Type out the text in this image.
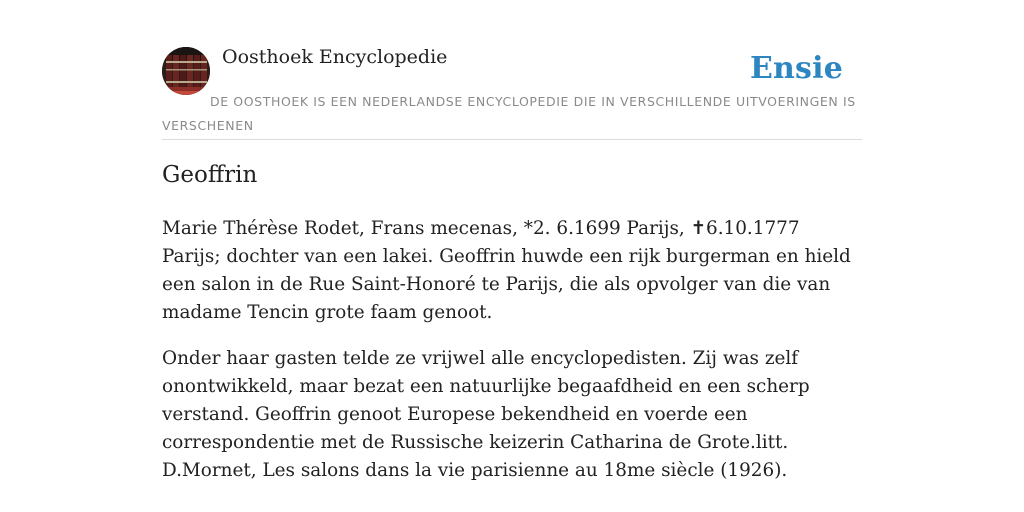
Oosthoek Encyclopedie	Ensie
DE OOSTHOEK IS EEN NEDERLANDSE ENCYCLOPEDIE DIE IN VERSCHILLENDE UITVOERINGEN IS VERSCHENEN
Geoffrin

Marie Thérèse Rodet, Frans mecenas, *2. 6.1699 Parijs, ✝6.10.1777 Parijs; dochter van een lakei. Geoffrin huwde een rijk burgerman en hield een salon in de Rue Saint-Honoré te Parijs, die als opvolger van die van madame Tencin grote faam genoot.

Onder haar gasten telde ze vrijwel alle encyclopedisten. Zij was zelf onontwikkeld, maar bezat een natuurlijke begaafdheid en een scherp verstand. Geoffrin genoot Europese bekendheid en voerde een correspondentie met de Russische keizerin Catharina de Grote.litt. D.Mornet, Les salons dans la vie parisienne au 18me siècle (1926).
